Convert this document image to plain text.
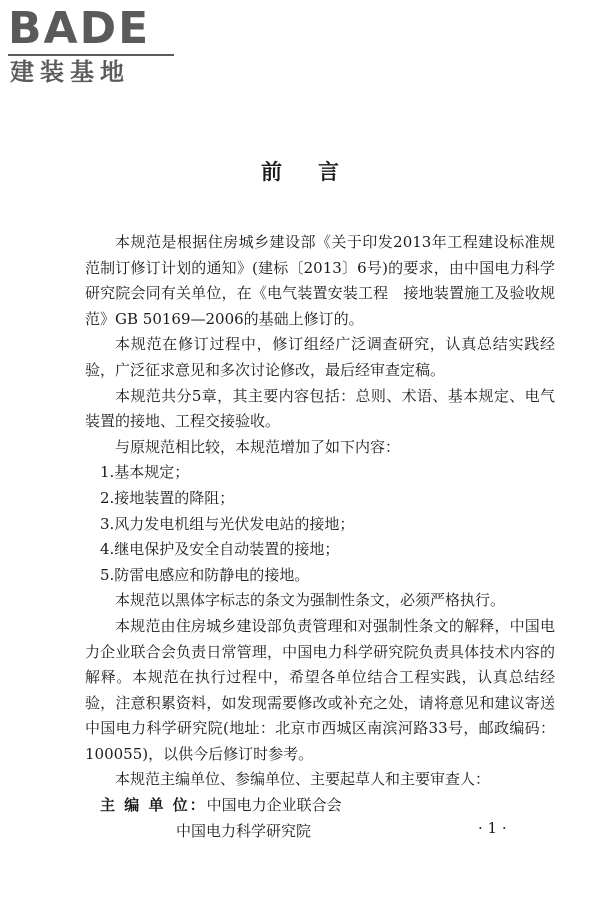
BADE
建装基地
前言

本规范是根据住房城乡建设部《关于印发2013年工程建设标准规范制订修订计划的通知》(建标〔2013〕6号)的要求，由中国电力科学研究院会同有关单位，在《电气装置安装工程　接地装置施工及验收规范》GB 50169—2006的基础上修订的。

本规范在修订过程中，修订组经广泛调查研究，认真总结实践经验，广泛征求意见和多次讨论修改，最后经审查定稿。

本规范共分5章，其主要内容包括：总则、术语、基本规定、电气装置的接地、工程交接验收。

与原规范相比较，本规范增加了如下内容：

1.基本规定；

2.接地装置的降阻；

3.风力发电机组与光伏发电站的接地；

4.继电保护及安全自动装置的接地；

5.防雷电感应和防静电的接地。

本规范以黑体字标志的条文为强制性条文，必须严格执行。

本规范由住房城乡建设部负责管理和对强制性条文的解释，中国电力企业联合会负责日常管理，中国电力科学研究院负责具体技术内容的解释。本规范在执行过程中，希望各单位结合工程实践，认真总结经验，注意积累资料，如发现需要修改或补充之处，请将意见和建议寄送中国电力科学研究院(地址：北京市西城区南滨河路33号，邮政编码：100055)，以供今后修订时参考。

本规范主编单位、参编单位、主要起草人和主要审查人：

主 编 单 位：中国电力企业联合会

中国电力科学研究院	· 1 ·
